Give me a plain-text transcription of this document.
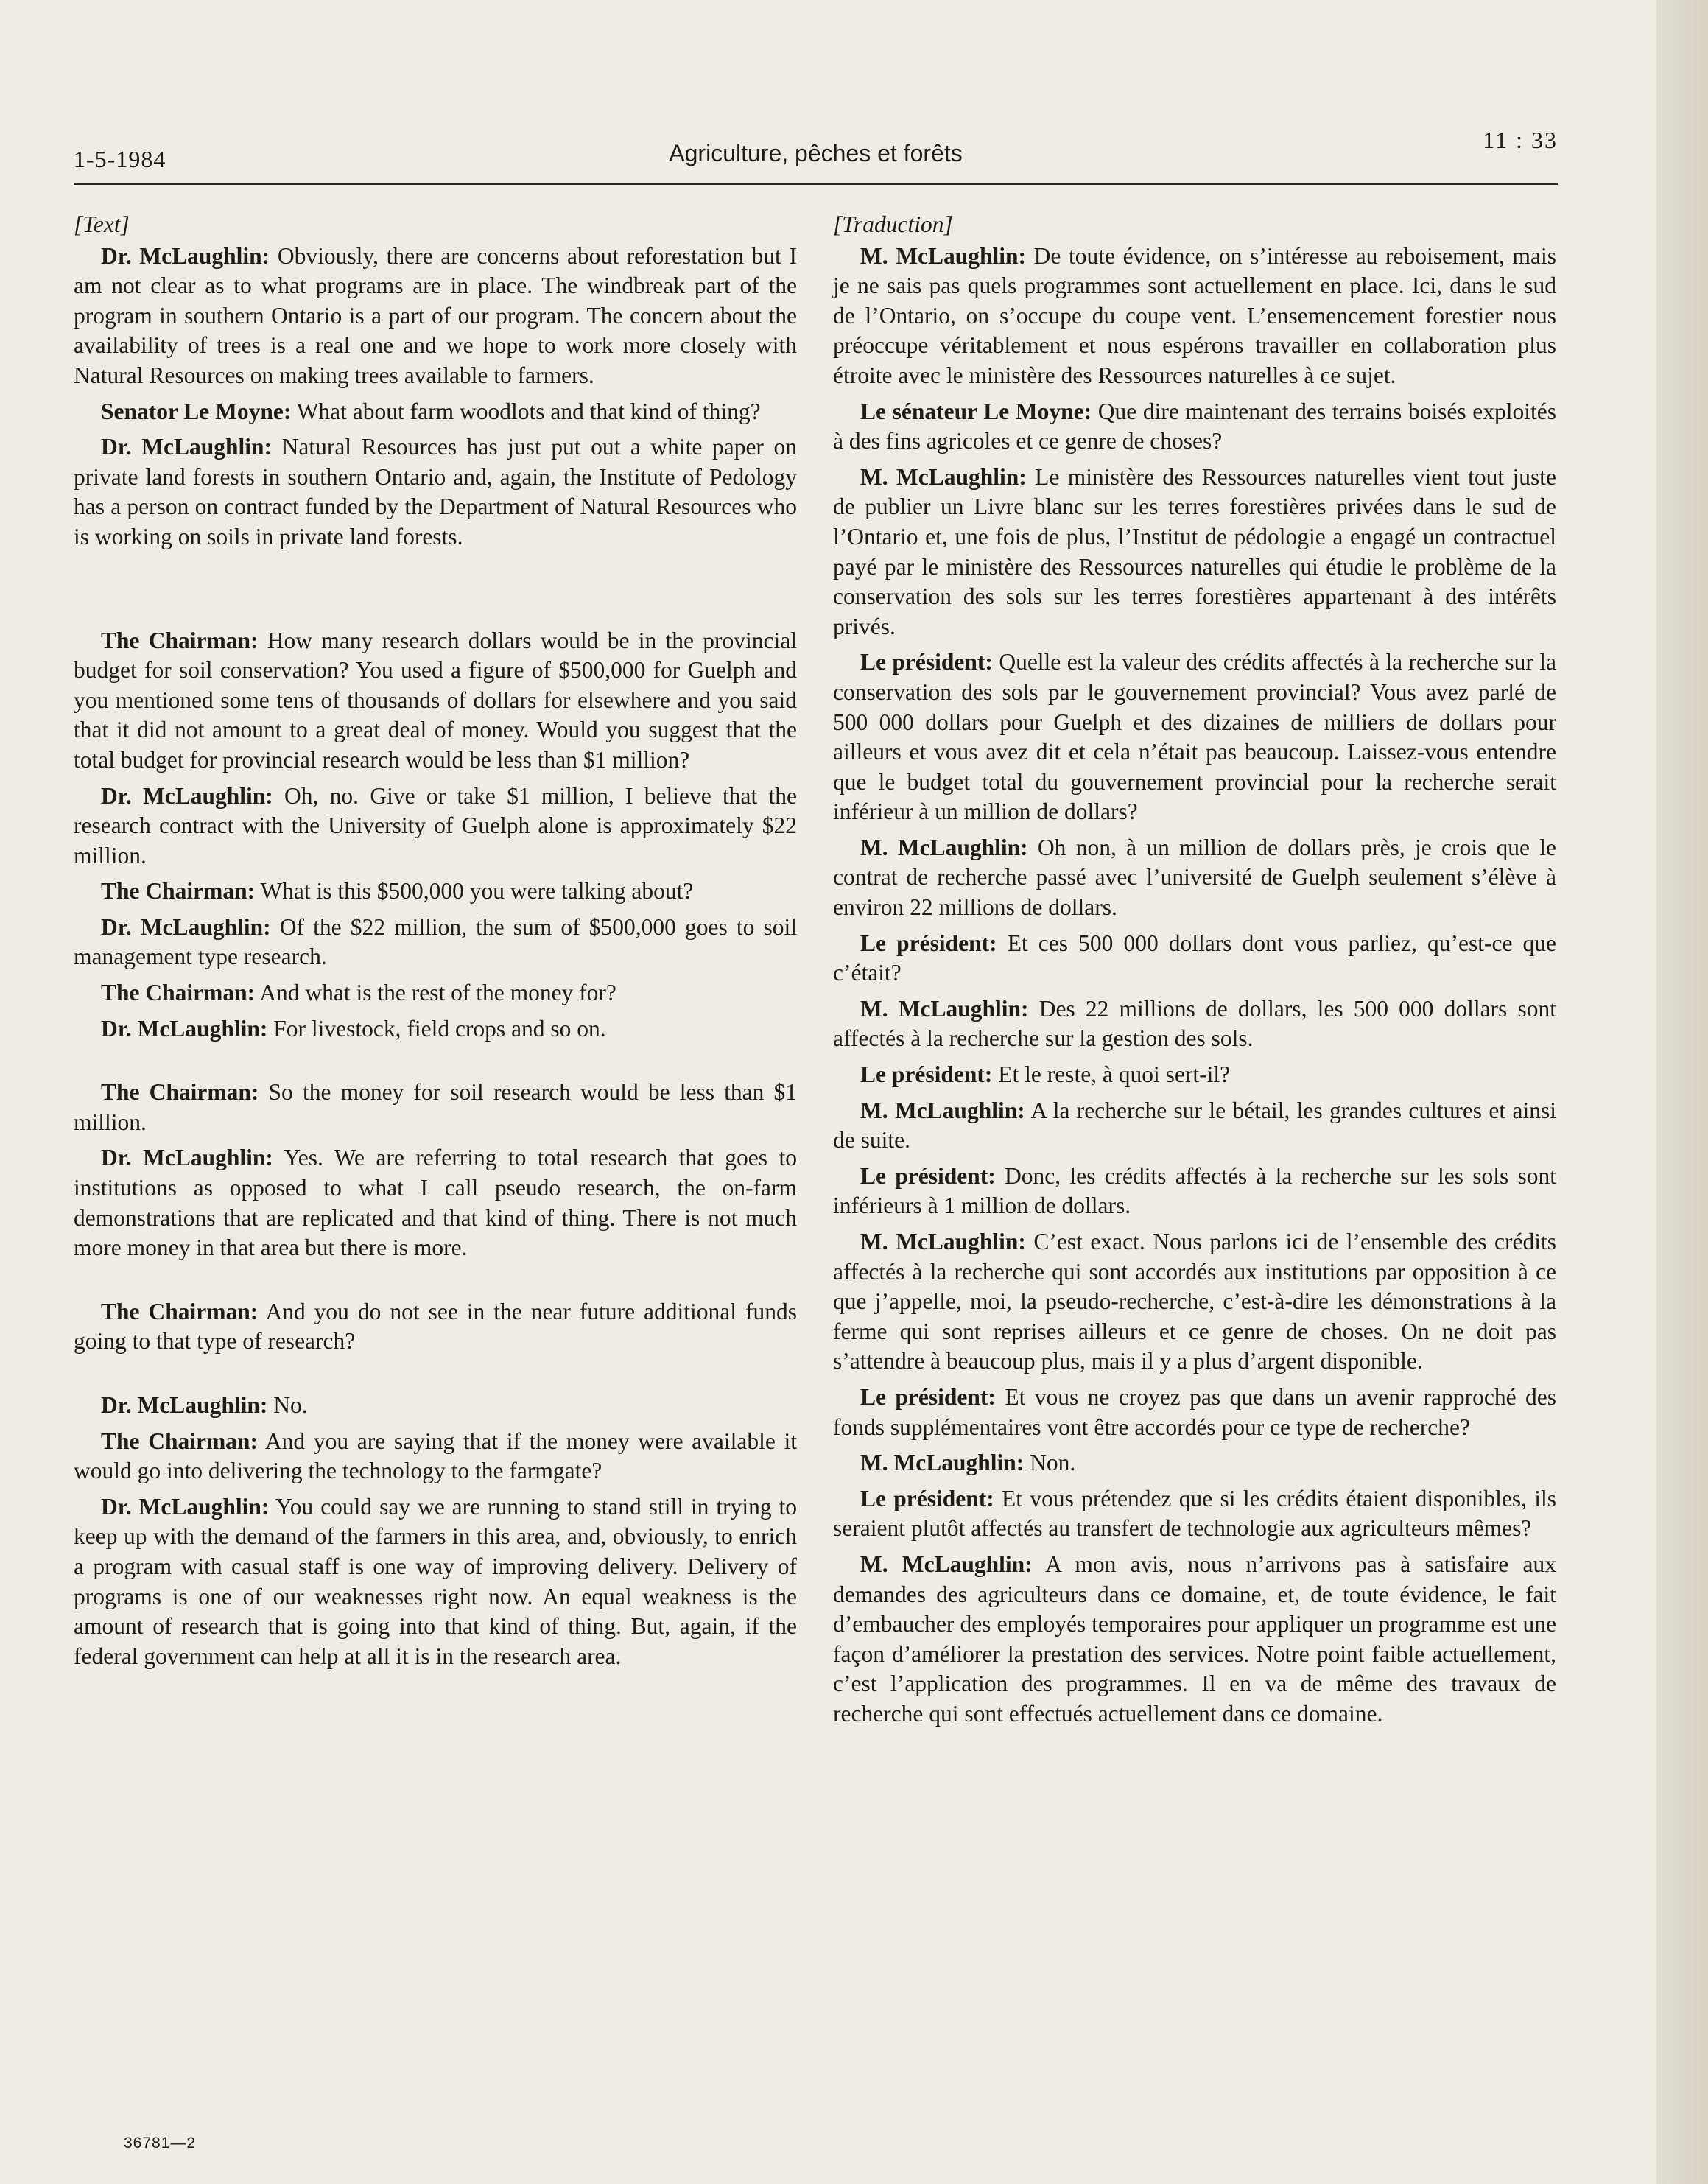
1-5-1984	Agriculture, pêches et forêts	11 : 33

[Text]

Dr. McLaughlin: Obviously, there are concerns about reforestation but I am not clear as to what programs are in place. The windbreak part of the program in southern Ontario is a part of our program. The concern about the availability of trees is a real one and we hope to work more closely with Natural Resources on making trees available to farmers.

Senator Le Moyne: What about farm woodlots and that kind of thing?

Dr. McLaughlin: Natural Resources has just put out a white paper on private land forests in southern Ontario and, again, the Institute of Pedology has a person on contract funded by the Department of Natural Resources who is working on soils in private land forests.

The Chairman: How many research dollars would be in the provincial budget for soil conservation? You used a figure of $500,000 for Guelph and you mentioned some tens of thousands of dollars for elsewhere and you said that it did not amount to a great deal of money. Would you suggest that the total budget for provincial research would be less than $1 million?

Dr. McLaughlin: Oh, no. Give or take $1 million, I believe that the research contract with the University of Guelph alone is approximately $22 million.

The Chairman: What is this $500,000 you were talking about?

Dr. McLaughlin: Of the $22 million, the sum of $500,000 goes to soil management type research.

The Chairman: And what is the rest of the money for?

Dr. McLaughlin: For livestock, field crops and so on.

The Chairman: So the money for soil research would be less than $1 million.

Dr. McLaughlin: Yes. We are referring to total research that goes to institutions as opposed to what I call pseudo research, the on-farm demonstrations that are replicated and that kind of thing. There is not much more money in that area but there is more.

The Chairman: And you do not see in the near future additional funds going to that type of research?

Dr. McLaughlin: No.

The Chairman: And you are saying that if the money were available it would go into delivering the technology to the farmgate?

Dr. McLaughlin: You could say we are running to stand still in trying to keep up with the demand of the farmers in this area, and, obviously, to enrich a program with casual staff is one way of improving delivery. Delivery of programs is one of our weaknesses right now. An equal weakness is the amount of research that is going into that kind of thing. But, again, if the federal government can help at all it is in the research area.

[Traduction]

M. McLaughlin: De toute évidence, on s’intéresse au reboisement, mais je ne sais pas quels programmes sont actuellement en place. Ici, dans le sud de l’Ontario, on s’occupe du coupe vent. L’ensemencement forestier nous préoccupe véritablement et nous espérons travailler en collaboration plus étroite avec le ministère des Ressources naturelles à ce sujet.

Le sénateur Le Moyne: Que dire maintenant des terrains boisés exploités à des fins agricoles et ce genre de choses?

M. McLaughlin: Le ministère des Ressources naturelles vient tout juste de publier un Livre blanc sur les terres forestières privées dans le sud de l’Ontario et, une fois de plus, l’Institut de pédologie a engagé un contractuel payé par le ministère des Ressources naturelles qui étudie le problème de la conservation des sols sur les terres forestières appartenant à des intérêts privés.

Le président: Quelle est la valeur des crédits affectés à la recherche sur la conservation des sols par le gouvernement provincial? Vous avez parlé de 500 000 dollars pour Guelph et des dizaines de milliers de dollars pour ailleurs et vous avez dit et cela n’était pas beaucoup. Laissez-vous entendre que le budget total du gouvernement provincial pour la recherche serait inférieur à un million de dollars?

M. McLaughlin: Oh non, à un million de dollars près, je crois que le contrat de recherche passé avec l’université de Guelph seulement s’élève à environ 22 millions de dollars.

Le président: Et ces 500 000 dollars dont vous parliez, qu’est-ce que c’était?

M. McLaughlin: Des 22 millions de dollars, les 500 000 dollars sont affectés à la recherche sur la gestion des sols.

Le président: Et le reste, à quoi sert-il?

M. McLaughlin: A la recherche sur le bétail, les grandes cultures et ainsi de suite.

Le président: Donc, les crédits affectés à la recherche sur les sols sont inférieurs à 1 million de dollars.

M. McLaughlin: C’est exact. Nous parlons ici de l’ensemble des crédits affectés à la recherche qui sont accordés aux institutions par opposition à ce que j’appelle, moi, la pseudo-recherche, c’est-à-dire les démonstrations à la ferme qui sont reprises ailleurs et ce genre de choses. On ne doit pas s’attendre à beaucoup plus, mais il y a plus d’argent disponible.

Le président: Et vous ne croyez pas que dans un avenir rapproché des fonds supplémentaires vont être accordés pour ce type de recherche?

M. McLaughlin: Non.

Le président: Et vous prétendez que si les crédits étaient disponibles, ils seraient plutôt affectés au transfert de technologie aux agriculteurs mêmes?

M. McLaughlin: A mon avis, nous n’arrivons pas à satisfaire aux demandes des agriculteurs dans ce domaine, et, de toute évidence, le fait d’embaucher des employés temporaires pour appliquer un programme est une façon d’améliorer la prestation des services. Notre point faible actuellement, c’est l’application des programmes. Il en va de même des travaux de recherche qui sont effectués actuellement dans ce domaine.

36781—2
